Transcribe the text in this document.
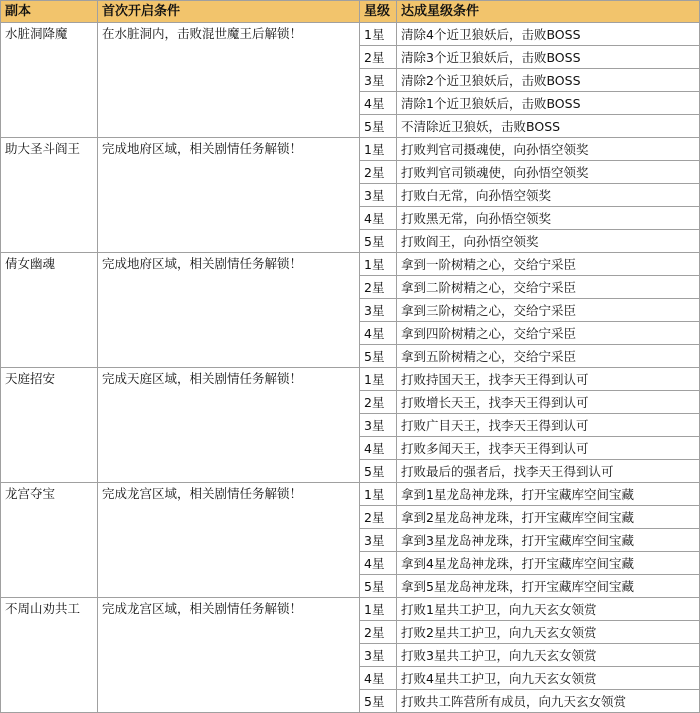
副本	首次开启条件	星级	达成星级条件
水脏洞降魔	在水脏洞内，击败混世魔王后解锁！	1星	清除4个近卫狼妖后，击败BOSS
		2星	清除3个近卫狼妖后，击败BOSS
		3星	清除2个近卫狼妖后，击败BOSS
		4星	清除1个近卫狼妖后，击败BOSS
		5星	不清除近卫狼妖，击败BOSS
助大圣斗阎王	完成地府区域，相关剧情任务解锁！	1星	打败判官司摄魂使，向孙悟空领奖
		2星	打败判官司锁魂使，向孙悟空领奖
		3星	打败白无常，向孙悟空领奖
		4星	打败黑无常，向孙悟空领奖
		5星	打败阎王，向孙悟空领奖
倩女幽魂	完成地府区域，相关剧情任务解锁！	1星	拿到一阶树精之心，交给宁采臣
		2星	拿到二阶树精之心，交给宁采臣
		3星	拿到三阶树精之心，交给宁采臣
		4星	拿到四阶树精之心，交给宁采臣
		5星	拿到五阶树精之心，交给宁采臣
天庭招安	完成天庭区域，相关剧情任务解锁！	1星	打败持国天王，找李天王得到认可
		2星	打败增长天王，找李天王得到认可
		3星	打败广目天王，找李天王得到认可
		4星	打败多闻天王，找李天王得到认可
		5星	打败最后的强者后，找李天王得到认可
龙宫夺宝	完成龙宫区域，相关剧情任务解锁！	1星	拿到1星龙岛神龙珠，打开宝藏库空间宝藏
		2星	拿到2星龙岛神龙珠，打开宝藏库空间宝藏
		3星	拿到3星龙岛神龙珠，打开宝藏库空间宝藏
		4星	拿到4星龙岛神龙珠，打开宝藏库空间宝藏
		5星	拿到5星龙岛神龙珠，打开宝藏库空间宝藏
不周山劝共工	完成龙宫区域，相关剧情任务解锁！	1星	打败1星共工护卫，向九天玄女领赏
		2星	打败2星共工护卫，向九天玄女领赏
		3星	打败3星共工护卫，向九天玄女领赏
		4星	打败4星共工护卫，向九天玄女领赏
		5星	打败共工阵营所有成员，向九天玄女领赏
